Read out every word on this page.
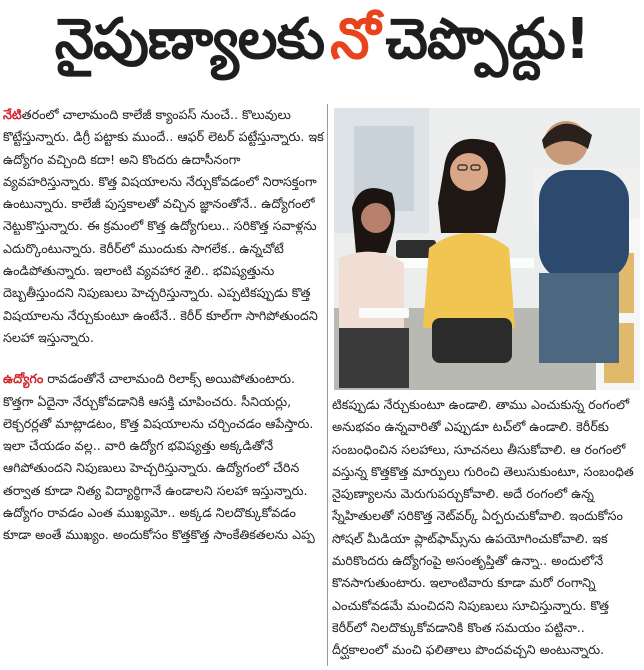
నైపుణ్యాలకు నో చెప్పొద్దు!

నేటితరంలో చాలామంది కాలేజీ క్యాంపస్ నుంచే.. కొలువులు కొట్టేస్తున్నారు. డిగ్రీ పట్టాకు ముందే.. ఆఫర్ లెటర్ పట్టేస్తున్నారు. ఇక ఉద్యోగం వచ్చింది కదా! అని కొందరు ఉదాసీనంగా వ్యవహరిస్తున్నారు. కొత్త విషయాలను నేర్చుకోవడంలో నిరాసక్తంగా ఉంటున్నారు. కాలేజీ పుస్తకాలతో వచ్చిన జ్ఞానంతోనే.. ఉద్యోగంలో నెట్టుకొస్తున్నారు. ఈ క్రమంలో కొత్త ఉద్యోగులు.. సరికొత్త సవాళ్లను ఎదుర్కొంటున్నారు. కెరీర్‌లో ముందుకు సాగలేక.. ఉన్నచోటే ఉండిపోతున్నారు. ఇలాంటి వ్యవహార శైలి.. భవిష్యత్తును దెబ్బతీస్తుందని నిపుణులు హెచ్చరిస్తున్నారు. ఎప్పటికప్పుడు కొత్త విషయాలను నేర్చుకుంటూ ఉంటేనే.. కెరీర్ కూల్‌గా సాగిపోతుందని సలహా ఇస్తున్నారు.

ఉద్యోగం రావడంతోనే చాలామంది రిలాక్స్ అయిపోతుంటారు. కొత్తగా ఏదైనా నేర్చుకోవడానికి ఆసక్తి చూపించరు. సీనియర్లు, లెక్చరర్లతో మాట్లాడటం, కొత్త విషయాలను చర్చించడం ఆపేస్తారు. ఇలా చేయడం వల్ల.. వారి ఉద్యోగ భవిష్యత్తు అక్కడితోనే ఆగిపోతుందని నిపుణులు హెచ్చరిస్తున్నారు. ఉద్యోగంలో చేరిన తర్వాత కూడా నిత్య విద్యార్థిగానే ఉండాలని సలహా ఇస్తున్నారు. ఉద్యోగం రావడం ఎంత ముఖ్యమో.. అక్కడ నిలదొక్కుకోవడం కూడా అంతే ముఖ్యం. అందుకోసం కొత్తకొత్త సాంకేతికతలను ఎప్ప

టికప్పుడు నేర్చుకుంటూ ఉండాలి. తాము ఎంచుకున్న రంగంలో అనుభవం ఉన్నవారితో ఎప్పుడూ టచ్‌లో ఉండాలి. కెరీర్‌కు సంబంధించిన సలహాలు, సూచనలు తీసుకోవాలి. ఆ రంగంలో వస్తున్న కొత్తకొత్త మార్పులు గురించి తెలుసుకుంటూ, సంబంధిత నైపుణ్యాలను మెరుగుపర్చుకోవాలి. అదే రంగంలో ఉన్న స్నేహితులతో సరికొత్త నెట్‌వర్క్ ఏర్పరుచుకోవాలి. ఇందుకోసం సోషల్ మీడియా ప్లాట్‌ఫామ్స్‌ను ఉపయోగించుకోవాలి. ఇక మరికొందరు ఉద్యోగంపై అసంతృప్తితో ఉన్నా.. అందులోనే కొనసాగుతుంటారు. ఇలాంటివారు కూడా మరో రంగాన్ని ఎంచుకోవడమే మంచిదని నిపుణులు సూచిస్తున్నారు. కొత్త కెరీర్‌లో నిలదొక్కుకోవడానికి కొంత సమయం పట్టినా.. దీర్ఘకాలంలో మంచి ఫలితాలు పొందవచ్చని అంటున్నారు.
